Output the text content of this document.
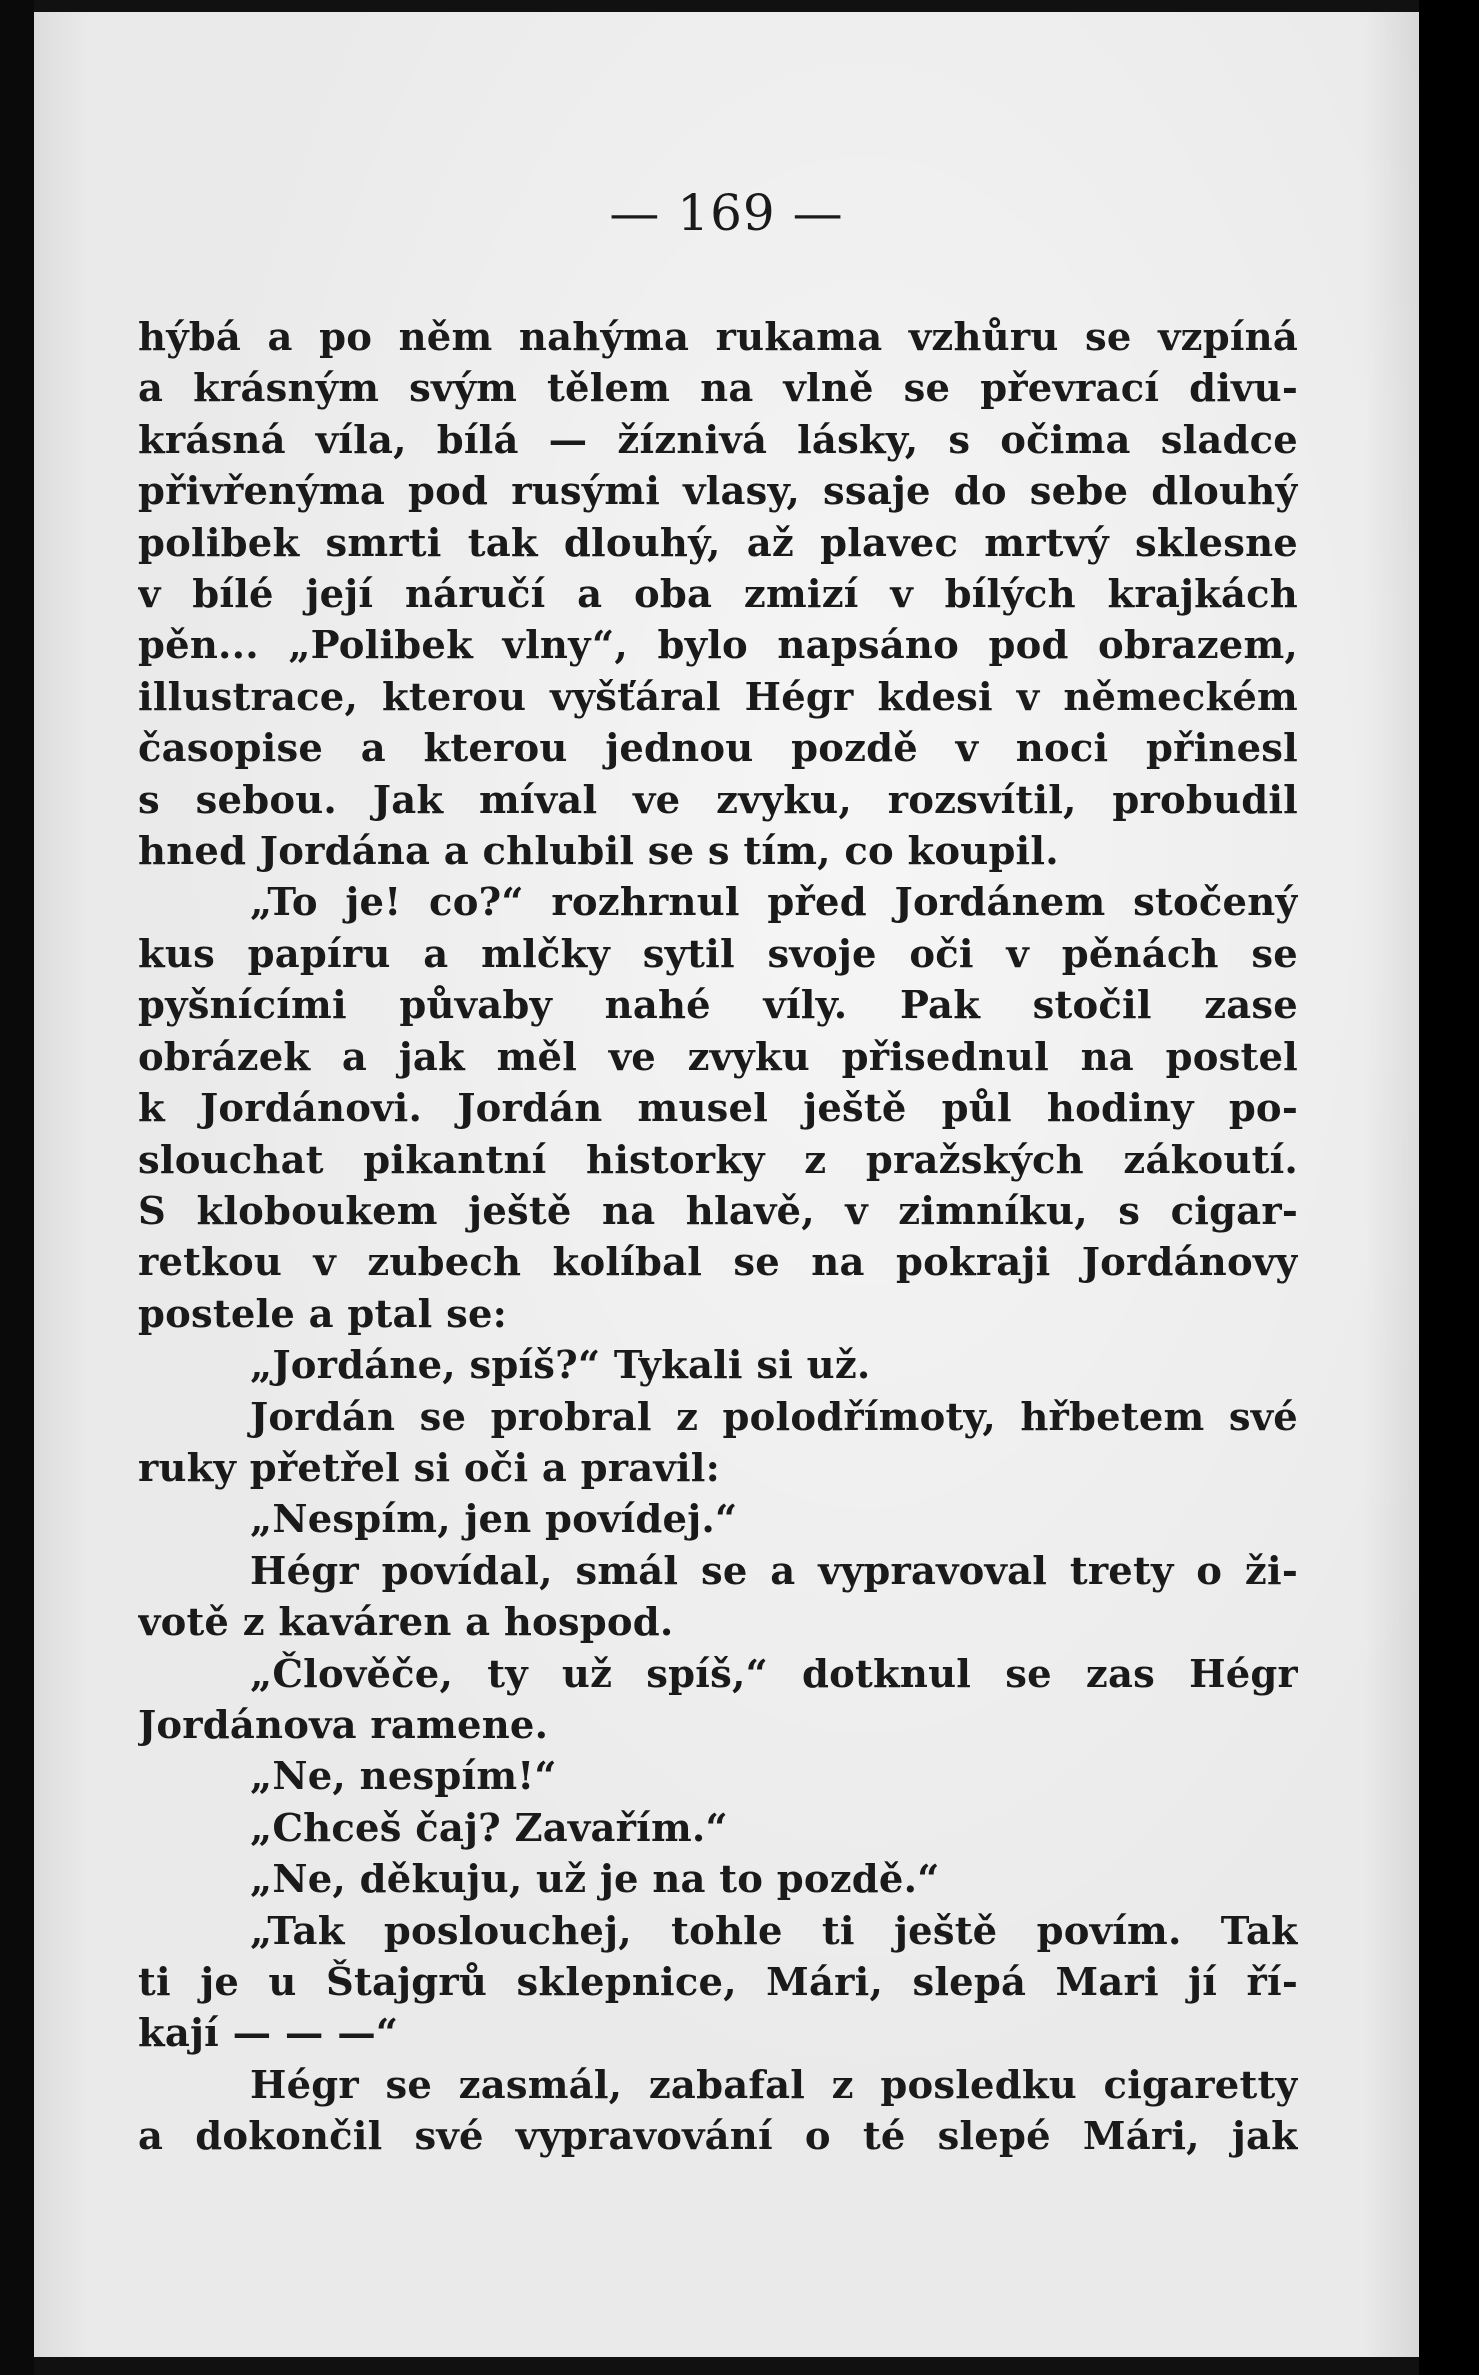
— 169 —
hýbá a po něm nahýma rukama vzhůru se vzpíná
a krásným svým tělem na vlně se převrací divu-
krásná víla, bílá — žíznivá lásky, s očima sladce
přivřenýma pod rusými vlasy, ssaje do sebe dlouhý
polibek smrti tak dlouhý, až plavec mrtvý sklesne
v bílé její náručí a oba zmizí v bílých krajkách
pěn... „Polibek vlny“, bylo napsáno pod obrazem,
illustrace, kterou vyšťáral Hégr kdesi v německém
časopise a kterou jednou pozdě v noci přinesl
s sebou. Jak míval ve zvyku, rozsvítil, probudil
hned Jordána a chlubil se s tím, co koupil.
„To je! co?“ rozhrnul před Jordánem stočený
kus papíru a mlčky sytil svoje oči v pěnách se
pyšnícími půvaby nahé víly. Pak stočil zase
obrázek a jak měl ve zvyku přisednul na postel
k Jordánovi. Jordán musel ještě půl hodiny po-
slouchat pikantní historky z pražských zákoutí.
S kloboukem ještě na hlavě, v zimníku, s cigar-
retkou v zubech kolíbal se na pokraji Jordánovy
postele a ptal se:
„Jordáne, spíš?“ Tykali si už.
Jordán se probral z polodřímoty, hřbetem své
ruky přetřel si oči a pravil:
„Nespím, jen povídej.“
Hégr povídal, smál se a vypravoval trety o ži-
votě z kaváren a hospod.
„Člověče, ty už spíš,“ dotknul se zas Hégr
Jordánova ramene.
„Ne, nespím!“
„Chceš čaj? Zavařím.“
„Ne, děkuju, už je na to pozdě.“
„Tak poslouchej, tohle ti ještě povím. Tak
ti je u Štajgrů sklepnice, Mári, slepá Mari jí ří-
kají — — —“
Hégr se zasmál, zabafal z posledku cigaretty
a dokončil své vypravování o té slepé Mári, jak
